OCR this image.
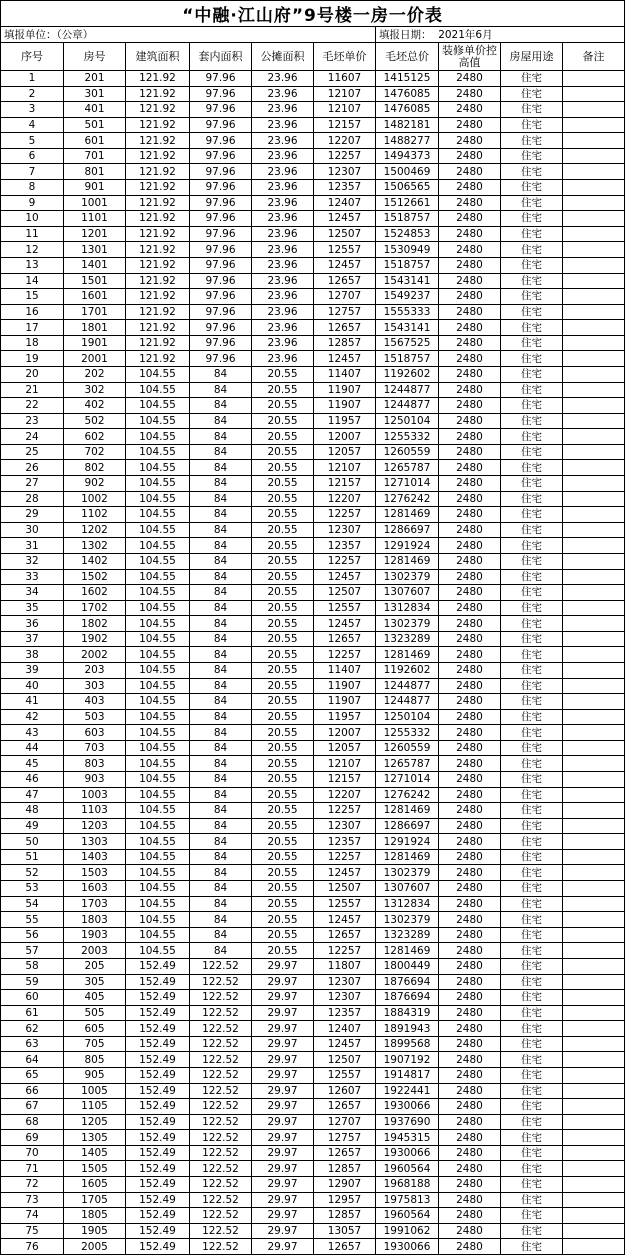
“中融·江山府”9号楼一房一价表									
填报单位：（公章）						填报日期： 2021年6月			
序号	房号	建筑面积	套内面积	公摊面积	毛坯单价	毛坯总价	装修单价控高值	房屋用途	备注
1	201	121.92	97.96	23.96	11607	1415125	2480	住宅	
2	301	121.92	97.96	23.96	12107	1476085	2480	住宅	
3	401	121.92	97.96	23.96	12107	1476085	2480	住宅	
4	501	121.92	97.96	23.96	12157	1482181	2480	住宅	
5	601	121.92	97.96	23.96	12207	1488277	2480	住宅	
6	701	121.92	97.96	23.96	12257	1494373	2480	住宅	
7	801	121.92	97.96	23.96	12307	1500469	2480	住宅	
8	901	121.92	97.96	23.96	12357	1506565	2480	住宅	
9	1001	121.92	97.96	23.96	12407	1512661	2480	住宅	
10	1101	121.92	97.96	23.96	12457	1518757	2480	住宅	
11	1201	121.92	97.96	23.96	12507	1524853	2480	住宅	
12	1301	121.92	97.96	23.96	12557	1530949	2480	住宅	
13	1401	121.92	97.96	23.96	12457	1518757	2480	住宅	
14	1501	121.92	97.96	23.96	12657	1543141	2480	住宅	
15	1601	121.92	97.96	23.96	12707	1549237	2480	住宅	
16	1701	121.92	97.96	23.96	12757	1555333	2480	住宅	
17	1801	121.92	97.96	23.96	12657	1543141	2480	住宅	
18	1901	121.92	97.96	23.96	12857	1567525	2480	住宅	
19	2001	121.92	97.96	23.96	12457	1518757	2480	住宅	
20	202	104.55	84	20.55	11407	1192602	2480	住宅	
21	302	104.55	84	20.55	11907	1244877	2480	住宅	
22	402	104.55	84	20.55	11907	1244877	2480	住宅	
23	502	104.55	84	20.55	11957	1250104	2480	住宅	
24	602	104.55	84	20.55	12007	1255332	2480	住宅	
25	702	104.55	84	20.55	12057	1260559	2480	住宅	
26	802	104.55	84	20.55	12107	1265787	2480	住宅	
27	902	104.55	84	20.55	12157	1271014	2480	住宅	
28	1002	104.55	84	20.55	12207	1276242	2480	住宅	
29	1102	104.55	84	20.55	12257	1281469	2480	住宅	
30	1202	104.55	84	20.55	12307	1286697	2480	住宅	
31	1302	104.55	84	20.55	12357	1291924	2480	住宅	
32	1402	104.55	84	20.55	12257	1281469	2480	住宅	
33	1502	104.55	84	20.55	12457	1302379	2480	住宅	
34	1602	104.55	84	20.55	12507	1307607	2480	住宅	
35	1702	104.55	84	20.55	12557	1312834	2480	住宅	
36	1802	104.55	84	20.55	12457	1302379	2480	住宅	
37	1902	104.55	84	20.55	12657	1323289	2480	住宅	
38	2002	104.55	84	20.55	12257	1281469	2480	住宅	
39	203	104.55	84	20.55	11407	1192602	2480	住宅	
40	303	104.55	84	20.55	11907	1244877	2480	住宅	
41	403	104.55	84	20.55	11907	1244877	2480	住宅	
42	503	104.55	84	20.55	11957	1250104	2480	住宅	
43	603	104.55	84	20.55	12007	1255332	2480	住宅	
44	703	104.55	84	20.55	12057	1260559	2480	住宅	
45	803	104.55	84	20.55	12107	1265787	2480	住宅	
46	903	104.55	84	20.55	12157	1271014	2480	住宅	
47	1003	104.55	84	20.55	12207	1276242	2480	住宅	
48	1103	104.55	84	20.55	12257	1281469	2480	住宅	
49	1203	104.55	84	20.55	12307	1286697	2480	住宅	
50	1303	104.55	84	20.55	12357	1291924	2480	住宅	
51	1403	104.55	84	20.55	12257	1281469	2480	住宅	
52	1503	104.55	84	20.55	12457	1302379	2480	住宅	
53	1603	104.55	84	20.55	12507	1307607	2480	住宅	
54	1703	104.55	84	20.55	12557	1312834	2480	住宅	
55	1803	104.55	84	20.55	12457	1302379	2480	住宅	
56	1903	104.55	84	20.55	12657	1323289	2480	住宅	
57	2003	104.55	84	20.55	12257	1281469	2480	住宅	
58	205	152.49	122.52	29.97	11807	1800449	2480	住宅	
59	305	152.49	122.52	29.97	12307	1876694	2480	住宅	
60	405	152.49	122.52	29.97	12307	1876694	2480	住宅	
61	505	152.49	122.52	29.97	12357	1884319	2480	住宅	
62	605	152.49	122.52	29.97	12407	1891943	2480	住宅	
63	705	152.49	122.52	29.97	12457	1899568	2480	住宅	
64	805	152.49	122.52	29.97	12507	1907192	2480	住宅	
65	905	152.49	122.52	29.97	12557	1914817	2480	住宅	
66	1005	152.49	122.52	29.97	12607	1922441	2480	住宅	
67	1105	152.49	122.52	29.97	12657	1930066	2480	住宅	
68	1205	152.49	122.52	29.97	12707	1937690	2480	住宅	
69	1305	152.49	122.52	29.97	12757	1945315	2480	住宅	
70	1405	152.49	122.52	29.97	12657	1930066	2480	住宅	
71	1505	152.49	122.52	29.97	12857	1960564	2480	住宅	
72	1605	152.49	122.52	29.97	12907	1968188	2480	住宅	
73	1705	152.49	122.52	29.97	12957	1975813	2480	住宅	
74	1805	152.49	122.52	29.97	12857	1960564	2480	住宅	
75	1905	152.49	122.52	29.97	13057	1991062	2480	住宅	
76	2005	152.49	122.52	29.97	12657	1930066	2480	住宅	
